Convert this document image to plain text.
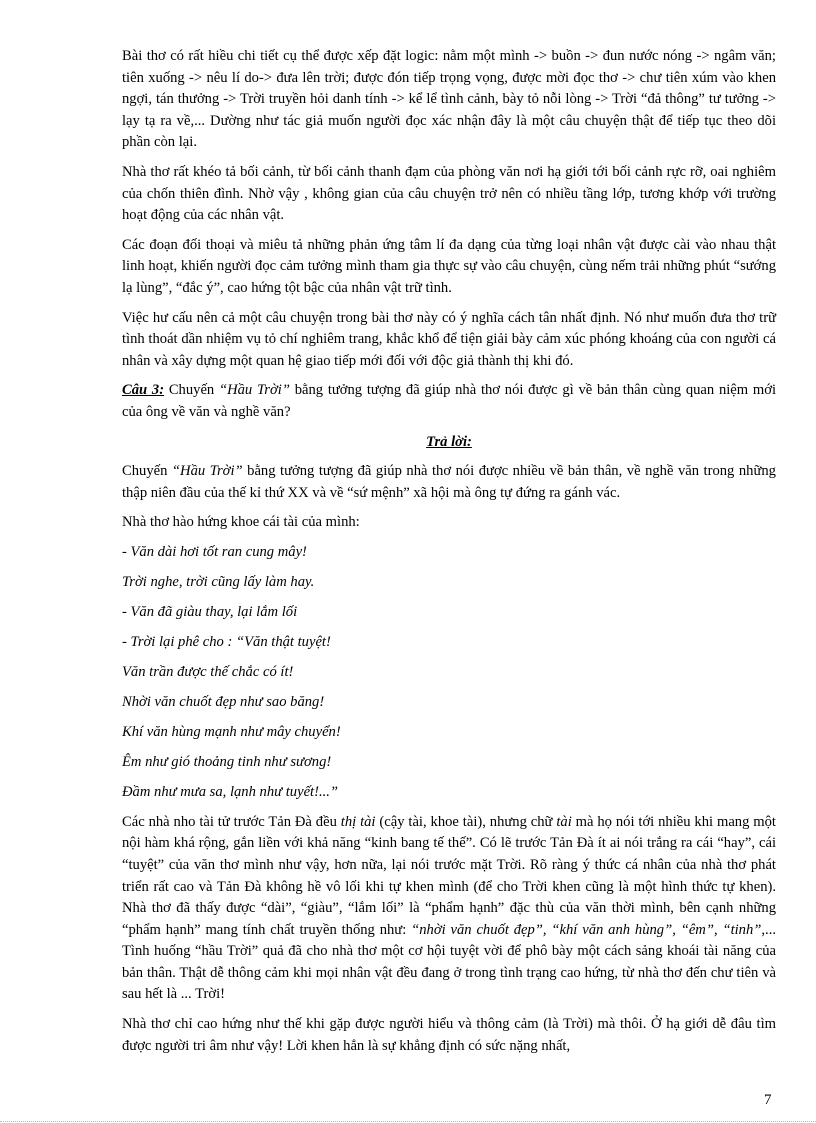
Bài thơ có rất hiều chi tiết cụ thể được xếp đặt logic: nằm một mình -> buồn -> đun nước nóng -> ngâm văn; tiên xuống -> nêu lí do-> đưa lên trời; được đón tiếp trọng vọng, được mời đọc thơ -> chư tiên xúm vào khen ngợi, tán thưởng -> Trời truyền hỏi danh tính -> kể lể tình cảnh, bày tỏ nỗi lòng -> Trời “đả thông” tư tưởng -> lạy tạ ra về,... Dường như tác giả muốn người đọc xác nhận đây là một câu chuyện thật để tiếp tục theo dõi phần còn lại.

Nhà thơ rất khéo tả bối cảnh, từ bối cảnh thanh đạm của phòng văn nơi hạ giới tới bối cảnh rực rỡ, oai nghiêm của chốn thiên đình. Nhờ vậy , không gian của câu chuyện trở nên có nhiều tầng lớp, tương khớp với trường hoạt động của các nhân vật.

Các đoạn đối thoại và miêu tả những phản ứng tâm lí đa dạng của từng loại nhân vật được cài vào nhau thật linh hoạt, khiến người đọc cảm tưởng mình tham gia thực sự vào câu chuyện, cùng nếm trải những phút “sướng lạ lùng”, “đắc ý”, cao hứng tột bậc của nhân vật trữ tình.

Việc hư cấu nên cả một câu chuyện trong bài thơ này có ý nghĩa cách tân nhất định. Nó như muốn đưa thơ trữ tình thoát dần nhiệm vụ tỏ chí nghiêm trang, khắc khổ để tiện giải bày cảm xúc phóng khoáng của con người cá nhân và xây dựng một quan hệ giao tiếp mới đối với độc giả thành thị khi đó.

Câu 3: Chuyến “Hầu Trời” bằng tưởng tượng đã giúp nhà thơ nói được gì về bản thân cùng quan niệm mới của ông về văn và nghề văn?

Trả lời:

Chuyến “Hầu Trời” bằng tưởng tượng đã giúp nhà thơ nói được nhiều về bản thân, về nghề văn trong những thập niên đầu của thế kỉ thứ XX và về “sứ mệnh” xã hội mà ông tự đứng ra gánh vác.

Nhà thơ hào hứng khoe cái tài của mình:

- Văn dài hơi tốt ran cung mây!

Trời nghe, trời cũng lấy làm hay.

- Văn đã giàu thay, lại lắm lối

- Trời lại phê cho : “Văn thật tuyệt!

Văn trần được thế chắc có ít!

Nhời văn chuốt đẹp như sao băng!

Khí văn hùng mạnh như mây chuyển!

Êm như gió thoảng tinh như sương!

Đầm như mưa sa, lạnh như tuyết!...”

Các nhà nho tài tử trước Tản Đà đều thị tài (cậy tài, khoe tài), nhưng chữ tài mà họ nói tới nhiều khi mang một nội hàm khá rộng, gắn liền với khả năng “kinh bang tế thế”. Có lẽ trước Tản Đà ít ai nói trắng ra cái “hay”, cái “tuyệt” của văn thơ mình như vậy, hơn nữa, lại nói trước mặt Trời. Rõ ràng ý thức cá nhân của nhà thơ phát triển rất cao và Tản Đà không hề vô lối khi tự khen mình (để cho Trời khen cũng là một hình thức tự khen). Nhà thơ đã thấy được “dài”, “giàu”, “lắm lối” là “phẩm hạnh” đặc thù của văn thời mình, bên cạnh những “phẩm hạnh” mang tính chất truyền thống như: “nhời văn chuốt đẹp”, “khí văn anh hùng”, “êm”, “tinh”,... Tình huống “hầu Trời” quả đã cho nhà thơ một cơ hội tuyệt vời để phô bày một cách sảng khoái tài năng của bản thân. Thật dễ thông cảm khi mọi nhân vật đều đang ở trong tình trạng cao hứng, từ nhà thơ đến chư tiên và sau hết là ... Trời!

Nhà thơ chỉ cao hứng như thế khi gặp được người hiểu và thông cảm (là Trời) mà thôi. Ở hạ giới dễ đâu tìm được người tri âm như vậy! Lời khen hẳn là sự khẳng định có sức nặng nhất,

7
